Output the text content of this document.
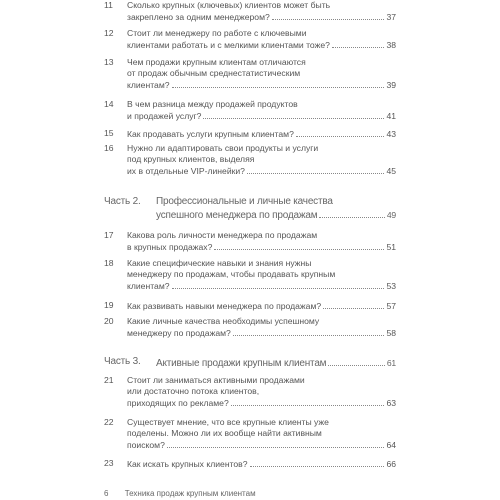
11	Сколько крупных (ключевых) клиентов может быть
закреплено за одним менеджером?	37
12	Стоит ли менеджеру по работе с ключевыми
клиентами работать и с мелкими клиентами тоже?	38
13	Чем продажи крупным клиентам отличаются
от продаж обычным среднестатистическим
клиентам?	39
14	В чем разница между продажей продуктов
и продажей услуг?	41
15	Как продавать услуги крупным клиентам?	43
16	Нужно ли адаптировать свои продукты и услуги
под крупных клиентов, выделяя
их в отдельные VIP-линейки?	45
Часть 2. Профессиональные и личные качества
успешного менеджера по продажам	49
17	Какова роль личности менеджера по продажам
в крупных продажах?	51
18	Какие специфические навыки и знания нужны
менеджеру по продажам, чтобы продавать крупным
клиентам?	53
19	Как развивать навыки менеджера по продажам?	57
20	Какие личные качества необходимы успешному
менеджеру по продажам?	58
Часть 3. Активные продажи крупным клиентам	61
21	Стоит ли заниматься активными продажами
или достаточно потока клиентов,
приходящих по рекламе?	63
22	Существует мнение, что все крупные клиенты уже
поделены. Можно ли их вообще найти активным
поиском?	64
23	Как искать крупных клиентов?	66
6 Техника продаж крупным клиентам
